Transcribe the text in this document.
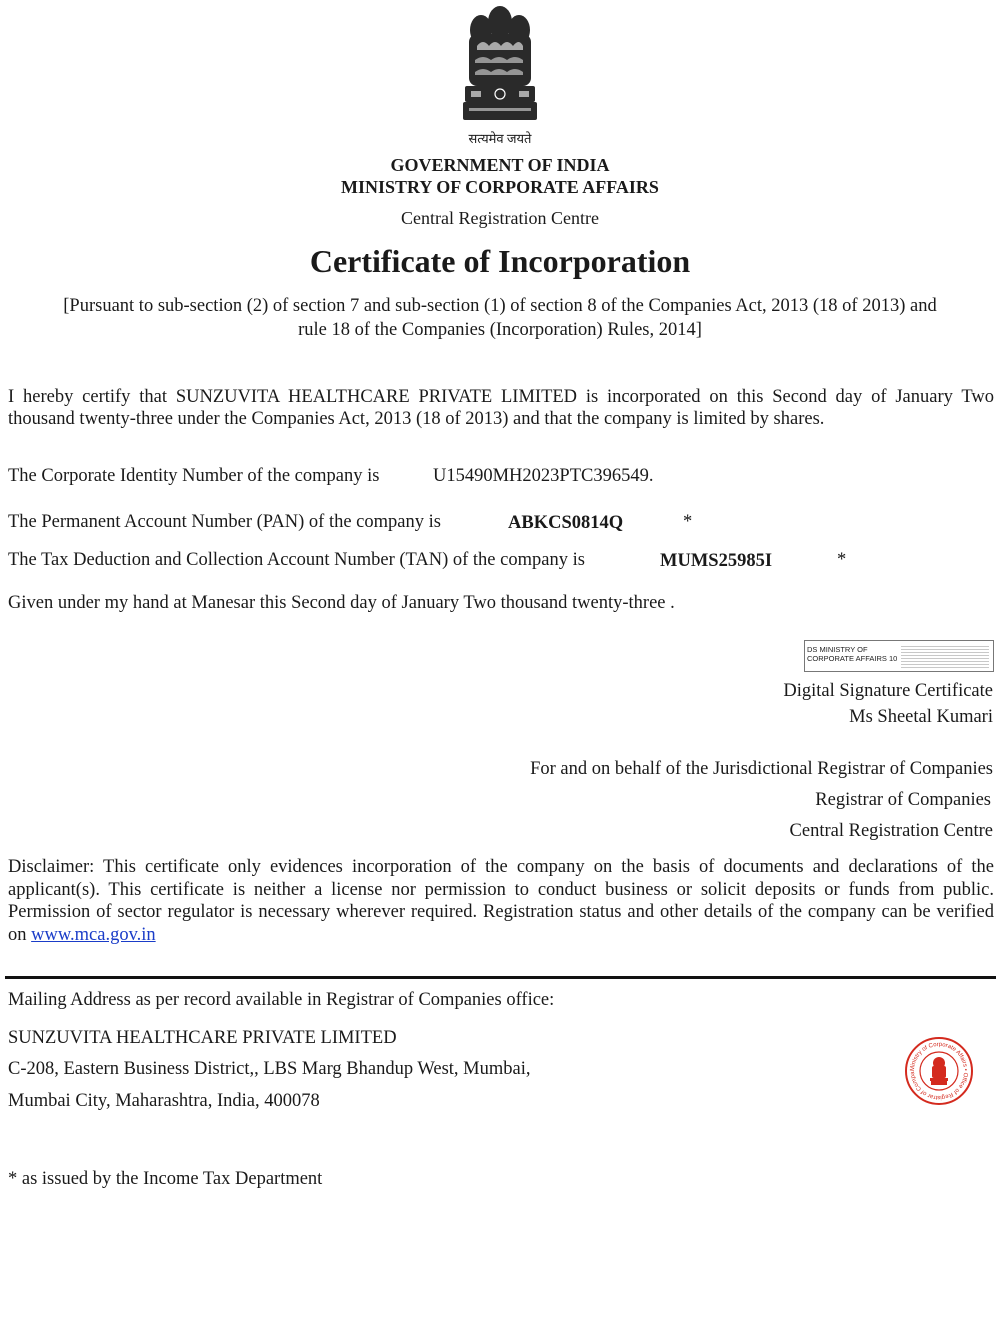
सत्यमेव जयते
GOVERNMENT OF INDIA
MINISTRY OF CORPORATE AFFAIRS
Central Registration Centre
Certificate of Incorporation
[Pursuant to sub-section (2) of section 7 and sub-section (1) of section 8 of the Companies Act, 2013 (18 of 2013) and
rule 18 of the Companies (Incorporation) Rules, 2014]
I hereby certify that SUNZUVITA HEALTHCARE PRIVATE LIMITED is incorporated on this Second day of January Two thousand twenty-three under the Companies Act, 2013 (18 of 2013) and that the company is limited by shares.
The Corporate Identity Number of the company is	U15490MH2023PTC396549.
The Permanent Account Number (PAN) of the company is	ABKCS0814Q	*
The Tax Deduction and Collection Account Number (TAN) of the company is	MUMS25985I	*
Given under my hand at Manesar this Second day of January Two thousand twenty-three .
DS MINISTRY OF
CORPORATE AFFAIRS 10
Digital Signature Certificate
Ms Sheetal Kumari
For and on behalf of the Jurisdictional Registrar of Companies
Registrar of Companies
Central Registration Centre
Disclaimer: This certificate only evidences incorporation of the company on the basis of documents and declarations of the applicant(s). This certificate is neither a license nor permission to conduct business or solicit deposits or funds from public. Permission of sector regulator is necessary wherever required. Registration status and other details of the company can be verified on www.mca.gov.in
Mailing Address as per record available in Registrar of Companies office:
SUNZUVITA HEALTHCARE PRIVATE LIMITED
C-208, Eastern Business District,, LBS Marg Bhandup West, Mumbai,
Mumbai City, Maharashtra, India, 400078
Ministry of Corporate Affairs • Office of Registrar of Compa
* as issued by the Income Tax Department
